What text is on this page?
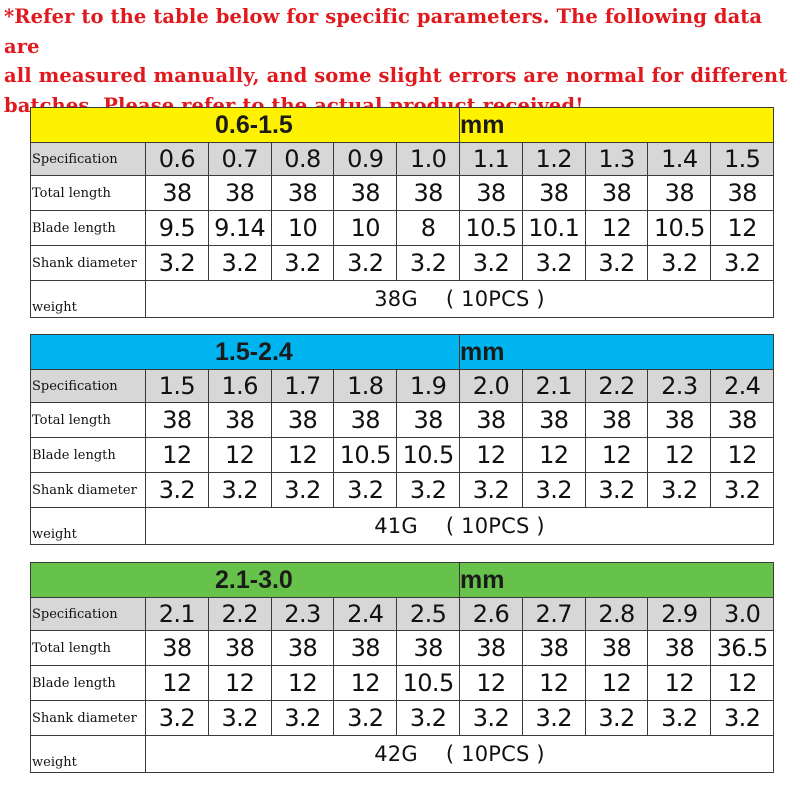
*Refer to the table below for specific parameters. The following data are
all measured manually, and some slight errors are normal for different
batches. Please refer to the actual product received!

0.6-1.5						mm				
Specification	0.6	0.7	0.8	0.9	1.0	1.1	1.2	1.3	1.4	1.5
Total length	38	38	38	38	38	38	38	38	38	38
Blade length	9.5	9.14	10	10	8	10.5	10.1	12	10.5	12
Shank diameter	3.2	3.2	3.2	3.2	3.2	3.2	3.2	3.2	3.2	3.2
weight	38G ( 10PCS )									
1.5-2.4						mm				
Specification	1.5	1.6	1.7	1.8	1.9	2.0	2.1	2.2	2.3	2.4
Total length	38	38	38	38	38	38	38	38	38	38
Blade length	12	12	12	10.5	10.5	12	12	12	12	12
Shank diameter	3.2	3.2	3.2	3.2	3.2	3.2	3.2	3.2	3.2	3.2
weight	41G ( 10PCS )									
2.1-3.0						mm				
Specification	2.1	2.2	2.3	2.4	2.5	2.6	2.7	2.8	2.9	3.0
Total length	38	38	38	38	38	38	38	38	38	36.5
Blade length	12	12	12	12	10.5	12	12	12	12	12
Shank diameter	3.2	3.2	3.2	3.2	3.2	3.2	3.2	3.2	3.2	3.2
weight	42G ( 10PCS )									
